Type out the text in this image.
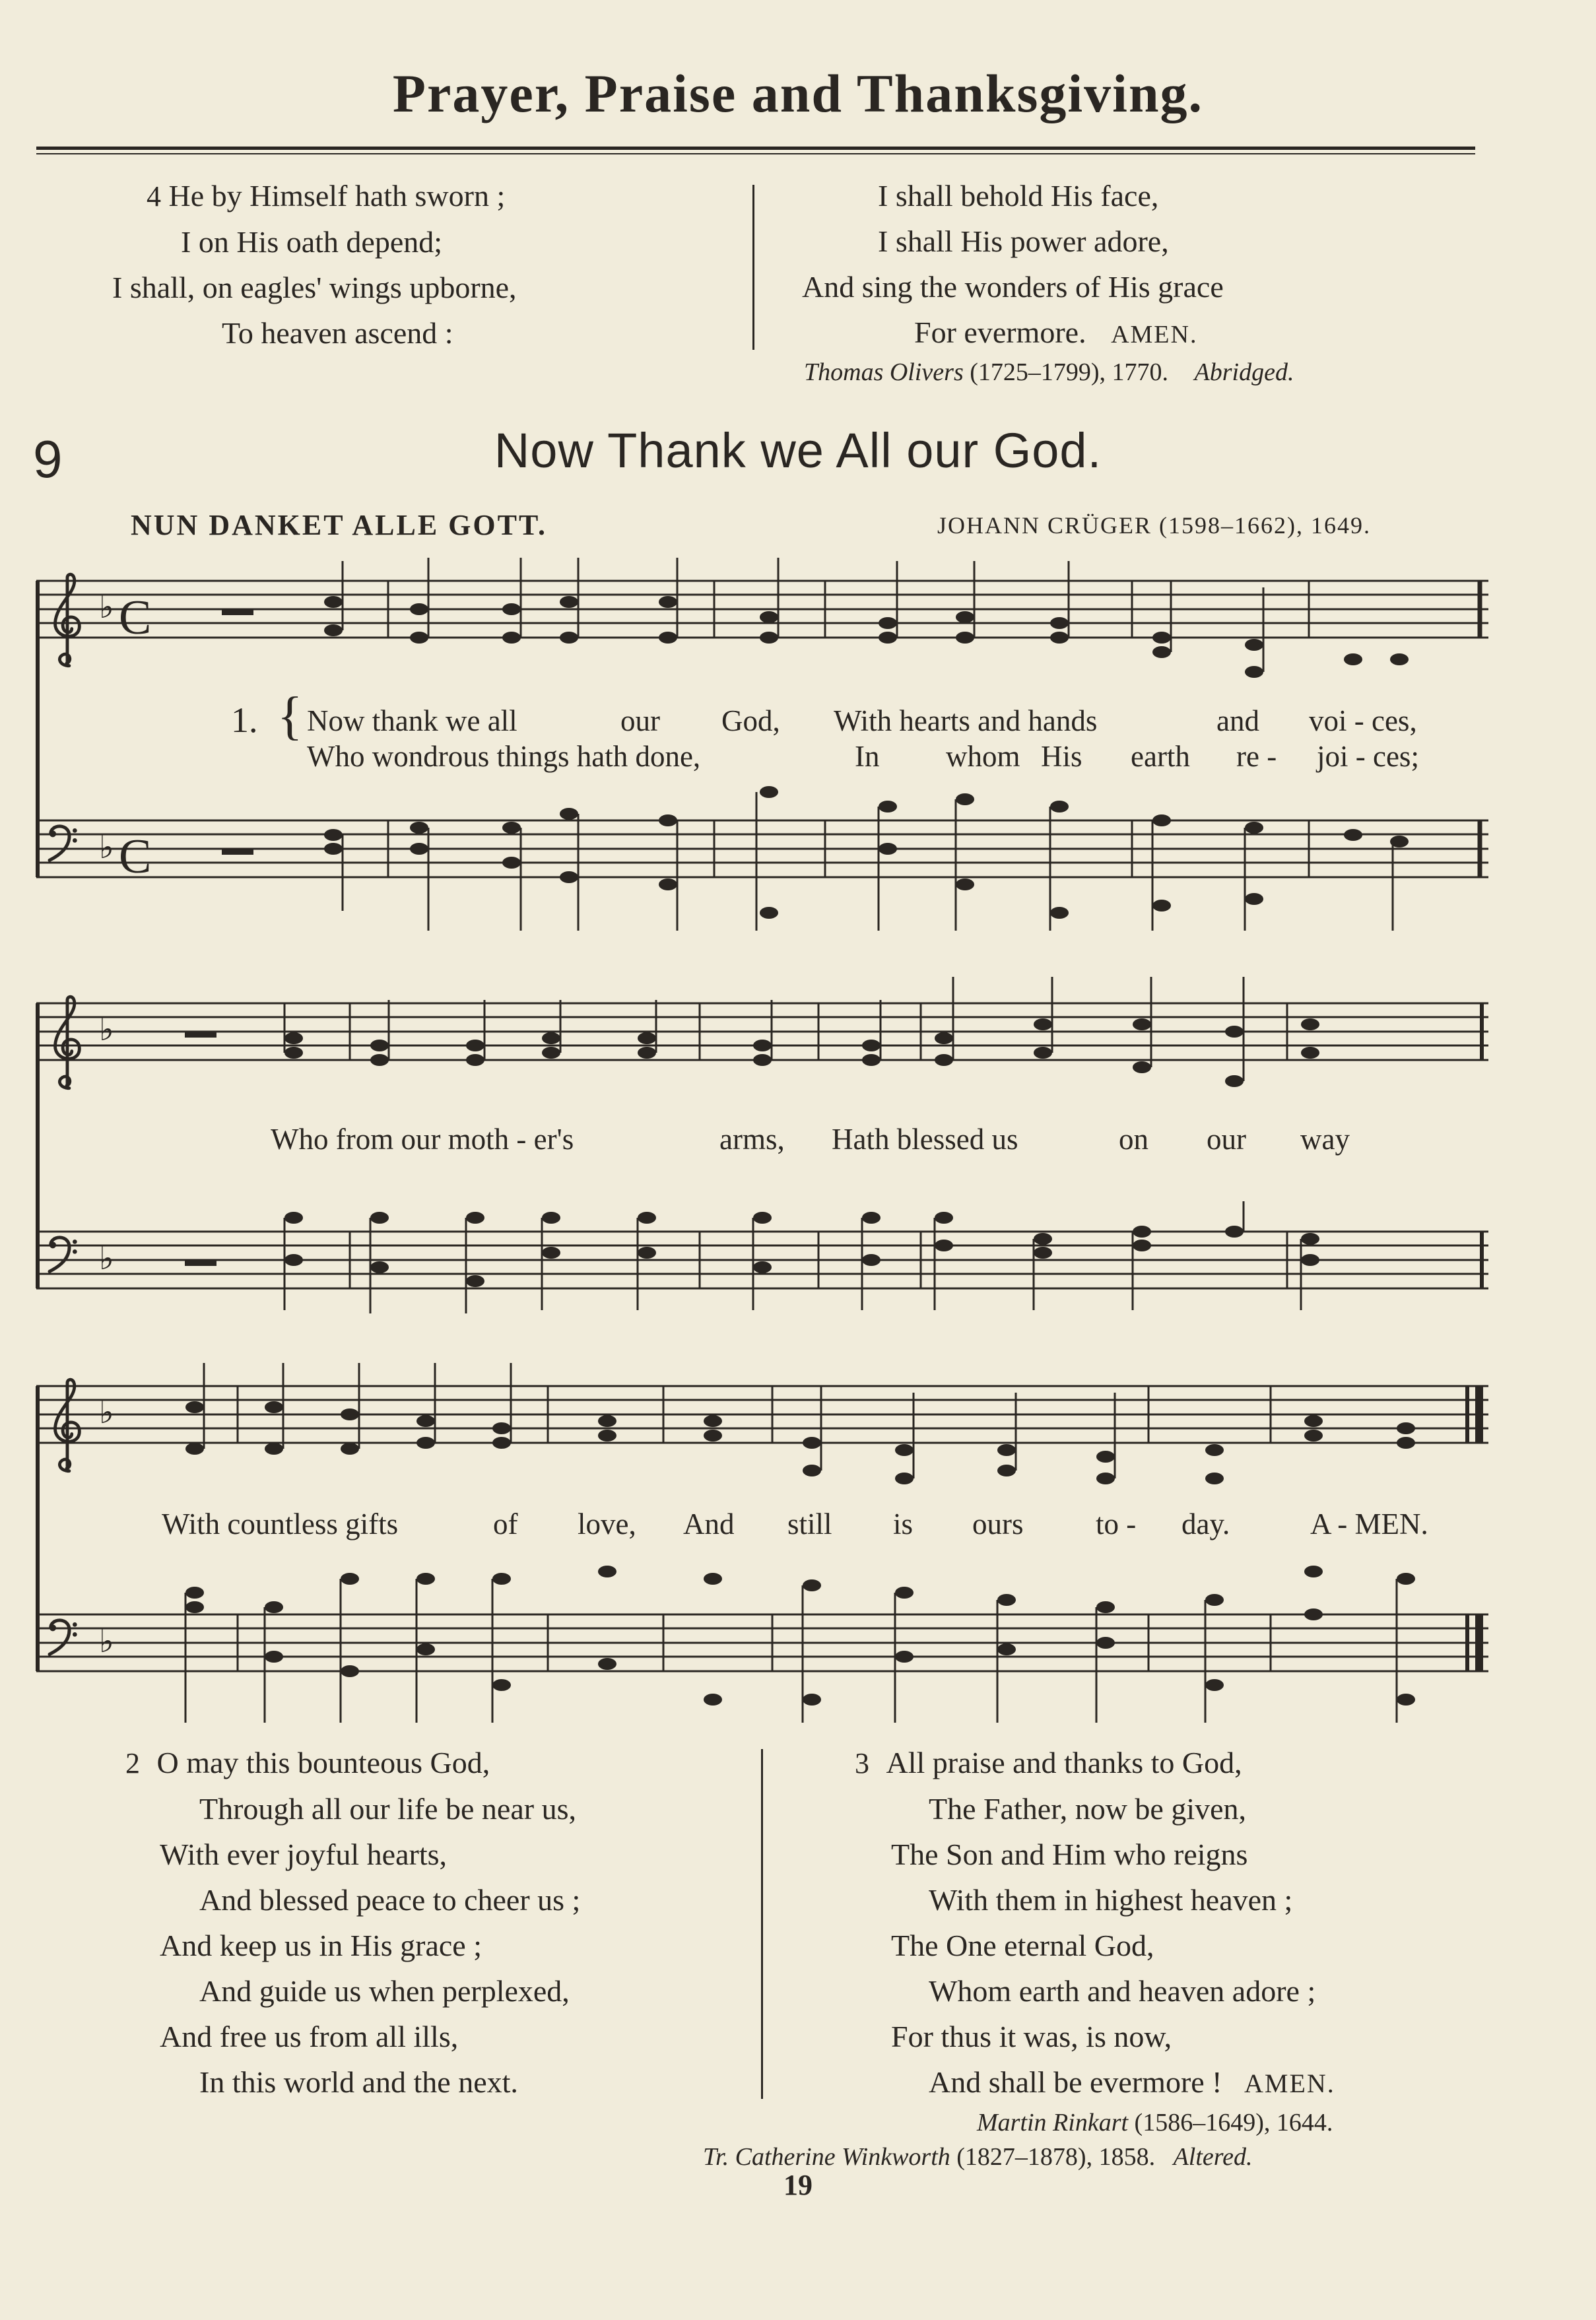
Prayer, Praise and Thanksgiving.
4 He by Himself hath sworn ;
I on His oath depend;
I shall, on eagles' wings upborne,
To heaven ascend :
I shall behold His face,
I shall His power adore,
And sing the wonders of His grace
For evermore. AMEN.
Thomas Olivers (1725–1799), 1770. Abridged.
9	Now Thank we All our God.
NUN DANKET ALLE GOTT.	JOHANN CRÜGER (1598–1662), 1649.
♭
♭
C
C
♭
♭
♭
♭
1. { Now thank we all	our God, With hearts and hands	and voi - ces,
Who wondrous things hath done,	In whom His earth re - joi - ces;
Who from our moth - er's	arms, Hath blessed us	on our way
With countless gifts	of love, And still is ours to - day.	A - MEN.
2 O may this bounteous God,
Through all our life be near us,
With ever joyful hearts,
And blessed peace to cheer us ;
And keep us in His grace ;
And guide us when perplexed,
And free us from all ills,
In this world and the next.
3 All praise and thanks to God,
The Father, now be given,
The Son and Him who reigns
With them in highest heaven ;
The One eternal God,
Whom earth and heaven adore ;
For thus it was, is now,
And shall be evermore ! AMEN.
Martin Rinkart (1586–1649), 1644.
Tr. Catherine Winkworth (1827–1878), 1858. Altered.
19
